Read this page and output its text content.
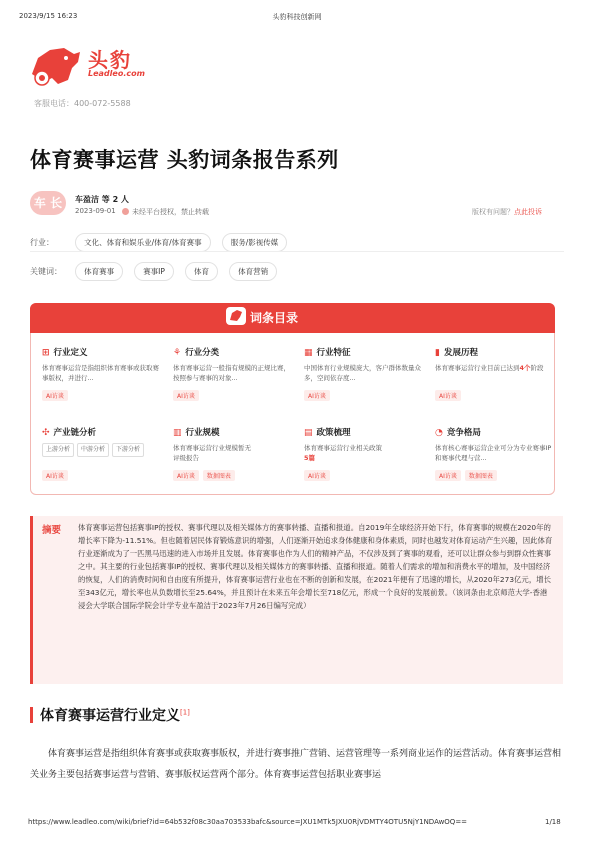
2023/9/15 16:23	头豹科技创新网
头豹
Leadleo.com
客服电话：400-072-5588
体育赛事运营 头豹词条报告系列
车 长	车盈洁 等 2 人
2023-09-01	未经平台授权，禁止转载	版权有问题？点此投诉
行业：	文化、体育和娱乐业/体育/体育赛事	服务/影视传媒
关键词：	体育赛事	赛事IP	体育	体育营销
词条目录
⊞ 行业定义
体育赛事运营是指组织体育赛事或获取赛事版权，并进行...
AI访谈
⚘ 行业分类
体育赛事运营一般指有规模的正规比赛，按照参与赛事的对象...
AI访谈
▦ 行业特征
中国体育行业规模庞大，客户群体数量众多，空间依存度...
AI访谈
▮ 发展历程
体育赛事运营行业目前已达到4个阶段
AI访谈
✣ 产业链分析
上游分析 中游分析 下游分析
AI访谈
▥ 行业规模
体育赛事运营行业规模暂无评级报告
AI访谈 数据图表
▤ 政策梳理
体育赛事运营行业相关政策5篇
AI访谈
◔ 竞争格局
体育核心赛事运营企业可分为专业赛事IP和赛事代理与营...
AI访谈 数据图表
摘要 体育赛事运营包括赛事IP的授权、赛事代理以及相关媒体方的赛事转播、直播和报道。自2019年全球经济开始下行，体育赛事的规模在2020年的增长率下降为-11.51%。但也随着居民体育锻炼意识的增强，人们逐渐开始追求身体健康和身体素质，同时也越发对体育运动产生兴趣，因此体育行业逐渐成为了一匹黑马迅速的进入市场并且发展。体育赛事也作为人们的精神产品，不仅涉及到了赛事的观看，还可以让群众参与到群众性赛事之中。其主要的行业包括赛事IP的授权、赛事代理以及相关媒体方的赛事转播、直播和报道。随着人们需求的增加和消费水平的增加，及中国经济的恢复，人们的消费时间和自由度有所提升，体育赛事运营行业也在不断的创新和发展，在2021年便有了迅速的增长，从2020年273亿元，增长至343亿元，增长率也从负数增长至25.64%，并且预计在未来五年会增长至718亿元，形成一个良好的发展前景。（该词条由北京师范大学-香港浸会大学联合国际学院会计学专业车盈洁于2023年7月26日编写完成）
体育赛事运营行业定义[1]
体育赛事运营是指组织体育赛事或获取赛事版权，并进行赛事推广营销、运营管理等一系列商业运作的运营活动。体育赛事运营相关业务主要包括赛事运营与营销、赛事版权运营两个部分。体育赛事运营包括职业赛事运
https://www.leadleo.com/wiki/brief?id=64b532f08c30aa703533bafc&source=JXU1MTk5JXU0RjVDMTY4OTU5NjY1NDAwOQ==	1/18
